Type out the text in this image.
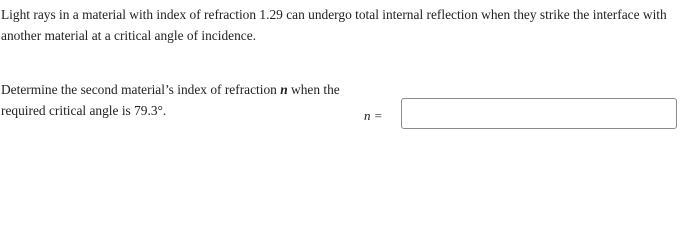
Light rays in a material with index of refraction 1.29 can undergo total internal reflection when they strike the interface with another material at a critical angle of incidence.

Determine the second material’s index of refraction n when the required critical angle is 79.3°.	n =
